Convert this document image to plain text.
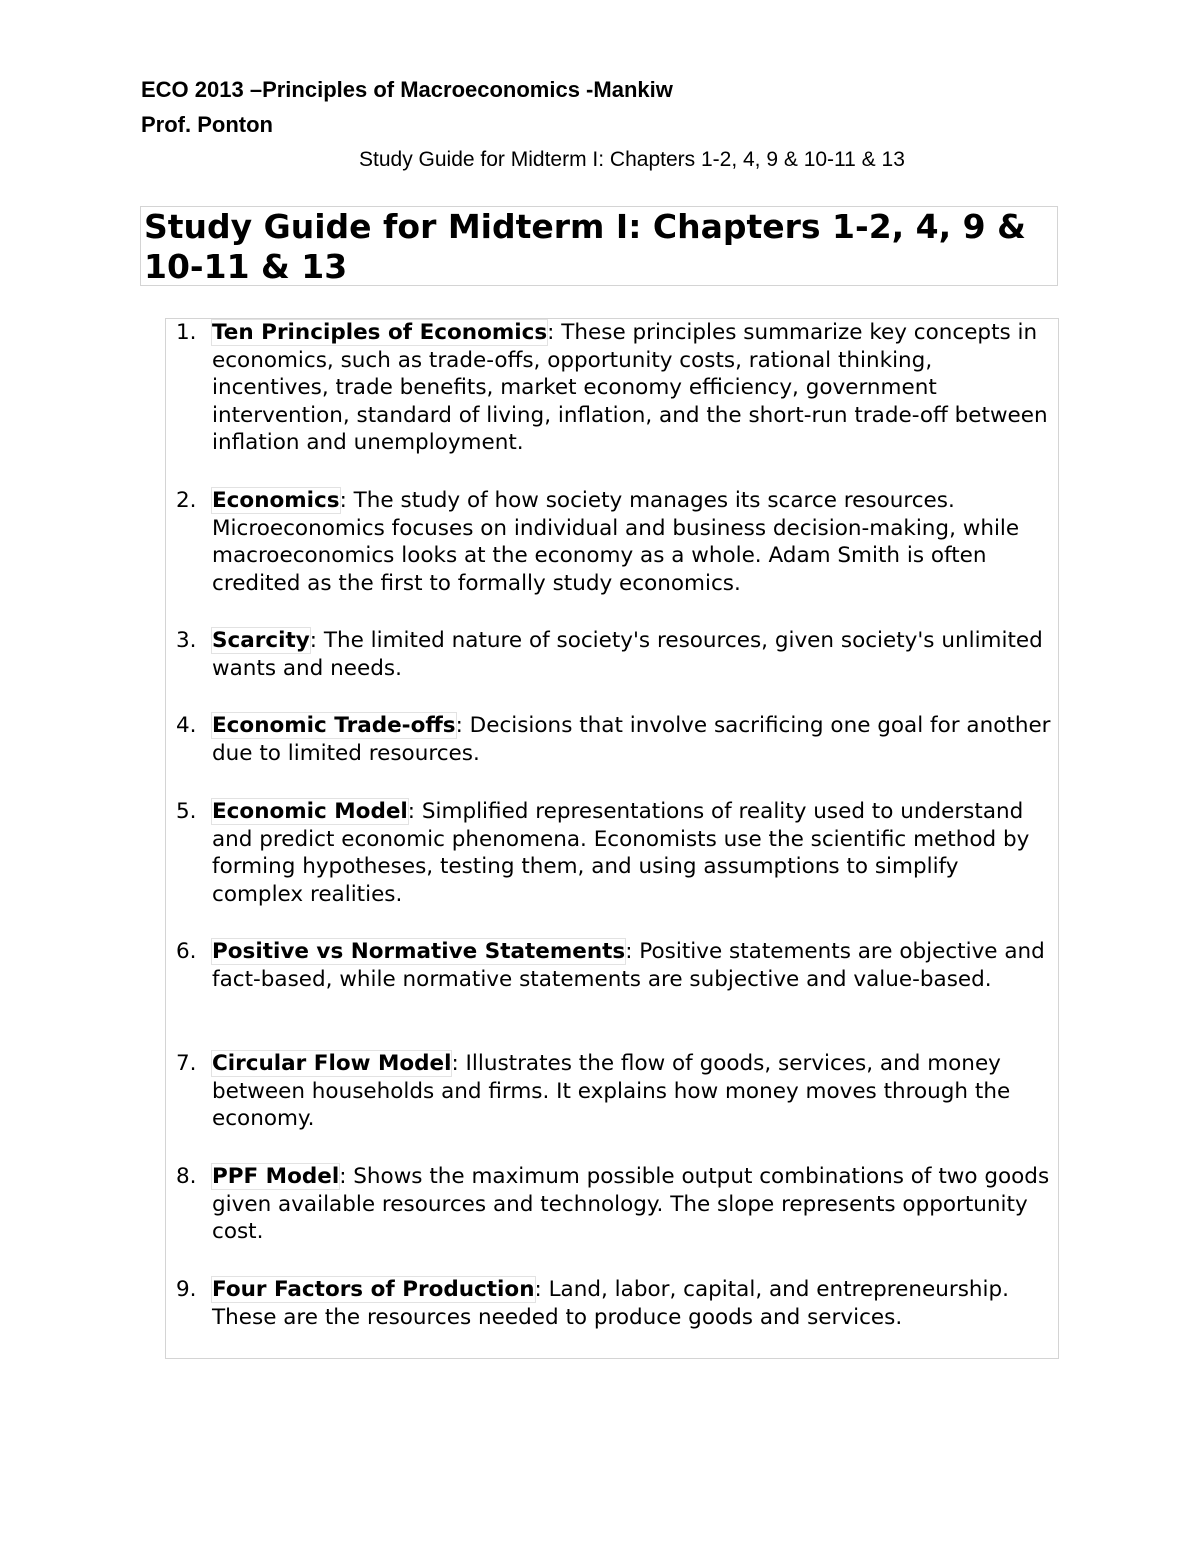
ECO 2013 –Principles of Macroeconomics -Mankiw
Prof. Ponton
Study Guide for Midterm I: Chapters 1-2, 4, 9 & 10-11 & 13
Study Guide for Midterm I: Chapters 1-2, 4, 9 & 10-11 & 13
1. Ten Principles of Economics: These principles summarize key concepts in economics, such as trade-offs, opportunity costs, rational thinking, incentives, trade benefits, market economy efficiency, government intervention, standard of living, inflation, and the short-run trade-off between inflation and unemployment.
2. Economics: The study of how society manages its scarce resources. Microeconomics focuses on individual and business decision-making, while macroeconomics looks at the economy as a whole. Adam Smith is often credited as the first to formally study economics.
3. Scarcity: The limited nature of society's resources, given society's unlimited wants and needs.
4. Economic Trade-offs: Decisions that involve sacrificing one goal for another due to limited resources.
5. Economic Model: Simplified representations of reality used to understand and predict economic phenomena. Economists use the scientific method by forming hypotheses, testing them, and using assumptions to simplify complex realities.
6. Positive vs Normative Statements: Positive statements are objective and fact-based, while normative statements are subjective and value-based.
7. Circular Flow Model: Illustrates the flow of goods, services, and money between households and firms. It explains how money moves through the economy.
8. PPF Model: Shows the maximum possible output combinations of two goods given available resources and technology. The slope represents opportunity cost.
9. Four Factors of Production: Land, labor, capital, and entrepreneurship. These are the resources needed to produce goods and services.
